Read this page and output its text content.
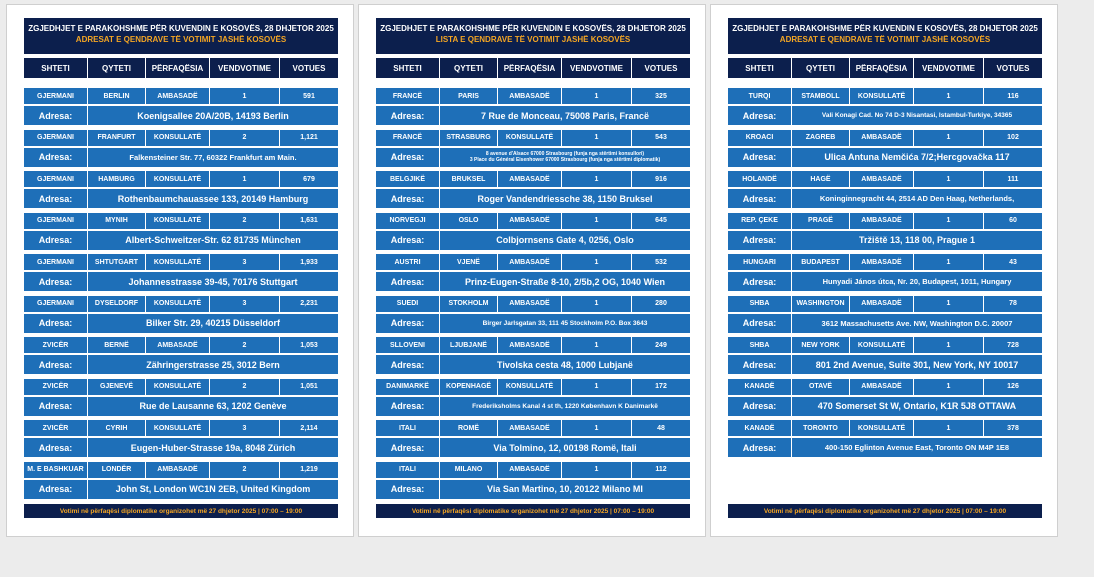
ZGJEDHJET E PARAKOHSHME PËR KUVENDIN E KOSOVËS, 28 DHJETOR 2025
ADRESAT E QENDRAVE TË VOTIMIT JASHË KOSOVËS
SHTETI	QYTETI	PËRFAQËSIA	VENDVOTIME	VOTUES
GJERMANI	BERLIN	AMBASADË	1	591
Adresa:	Koenigsallee 20A/20B, 14193 Berlin
GJERMANI	FRANFURT	KONSULLATË	2	1,121
Adresa:	Falkensteiner Str. 77, 60322 Frankfurt am Main.
GJERMANI	HAMBURG	KONSULLATË	1	679
Adresa:	Rothenbaumchauassee 133, 20149 Hamburg
GJERMANI	MYNIH	KONSULLATË	2	1,631
Adresa:	Albert-Schweitzer-Str. 62 81735 München
GJERMANI	SHTUTGART	KONSULLATË	3	1,933
Adresa:	Johannesstrasse 39-45, 70176 Stuttgart
GJERMANI	DYSELDORF	KONSULLATË	3	2,231
Adresa:	Bilker Str. 29, 40215 Düsseldorf
ZVICËR	BERNË	AMBASADË	2	1,053
Adresa:	Zähringerstrasse 25, 3012 Bern
ZVICËR	GJENEVË	KONSULLATË	2	1,051
Adresa:	Rue de Lausanne 63, 1202 Genève
ZVICËR	CYRIH	KONSULLATË	3	2,114
Adresa:	Eugen-Huber-Strasse 19a, 8048 Zürich
M. E BASHKUAR	LONDËR	AMBASADË	2	1,219
Adresa:	John St, London WC1N 2EB, United Kingdom
Votimi në përfaqësi diplomatike organizohet më 27 dhjetor 2025 | 07:00 – 19:00
ZGJEDHJET E PARAKOHSHME PËR KUVENDIN E KOSOVËS, 28 DHJETOR 2025
LISTA E QENDRAVE TË VOTIMIT JASHË KOSOVËS
SHTETI	QYTETI	PËRFAQËSIA	VENDVOTIME	VOTUES
FRANCË	PARIS	AMBASADË	1	325
Adresa:	7 Rue de Monceau, 75008 Paris, Francë
FRANCË	STRASBURG	KONSULLATË	1	543
Adresa:	8 avenue d'Alsace 67000 Strasbourg (funja nga stërtimi konsullori)
3 Place du Général Eisenhower 67000 Strasbourg (funja nga stërtimi diplomatik)
BELGJIKË	BRUKSEL	AMBASADË	1	916
Adresa:	Roger Vandendriessche 38, 1150 Bruksel
NORVEGJI	OSLO	AMBASADË	1	645
Adresa:	Colbjornsens Gate 4, 0256, Oslo
AUSTRI	VJENË	AMBASADË	1	532
Adresa:	Prinz-Eugen-Straße 8-10, 2/5b,2 OG, 1040 Wien
SUEDI	STOKHOLM	AMBASADË	1	280
Adresa:	Birger Jarlsgatan 33, 111 45 Stockholm P.O. Box 3643
SLLOVENI	LJUBJANË	AMBASADË	1	249
Adresa:	Tivolska cesta 48, 1000 Lubjanë
DANIMARKË	KOPENHAGË	KONSULLATË	1	172
Adresa:	Frederiksholms Kanal 4 st th, 1220 København K Danimarkë
ITALI	ROMË	AMBASADË	1	48
Adresa:	Via Tolmino, 12, 00198 Romë, Itali
ITALI	MILANO	AMBASADË	1	112
Adresa:	Via San Martino, 10, 20122 Milano MI
Votimi në përfaqësi diplomatike organizohet më 27 dhjetor 2025 | 07:00 – 19:00
ZGJEDHJET E PARAKOHSHME PËR KUVENDIN E KOSOVËS, 28 DHJETOR 2025
ADRESAT E QENDRAVE TË VOTIMIT JASHË KOSOVËS
SHTETI	QYTETI	PËRFAQËSIA	VENDVOTIME	VOTUES
TURQI	STAMBOLL	KONSULLATË	1	116
Adresa:	Vali Konagi Cad. No 74 D-3 Nisantasi, Istambul-Turkiye, 34365
KROACI	ZAGREB	AMBASADË	1	102
Adresa:	Ulica Antuna Nemčića 7/2;Hercgovačka 117
HOLANDË	HAGË	AMBASADË	1	111
Adresa:	Koninginnegracht 44, 2514 AD Den Haag, Netherlands,
REP. ÇEKE	PRAGË	AMBASADË	1	60
Adresa:	Tržiště 13, 118 00, Prague 1
HUNGARI	BUDAPEST	AMBASADË	1	43
Adresa:	Hunyadi János útca, Nr. 20, Budapest, 1011, Hungary
SHBA	WASHINGTON	AMBASADË	1	78
Adresa:	3612 Massachusetts Ave. NW, Washington D.C. 20007
SHBA	NEW YORK	KONSULLATË	1	728
Adresa:	801 2nd Avenue, Suite 301, New York, NY 10017
KANADË	OTAVË	AMBASADË	1	126
Adresa:	470 Somerset St W, Ontario, K1R 5J8 OTTAWA
KANADË	TORONTO	KONSULLATË	1	378
Adresa:	400-150 Eglinton Avenue East, Toronto ON M4P 1E8
Votimi në përfaqësi diplomatike organizohet më 27 dhjetor 2025 | 07:00 – 19:00
